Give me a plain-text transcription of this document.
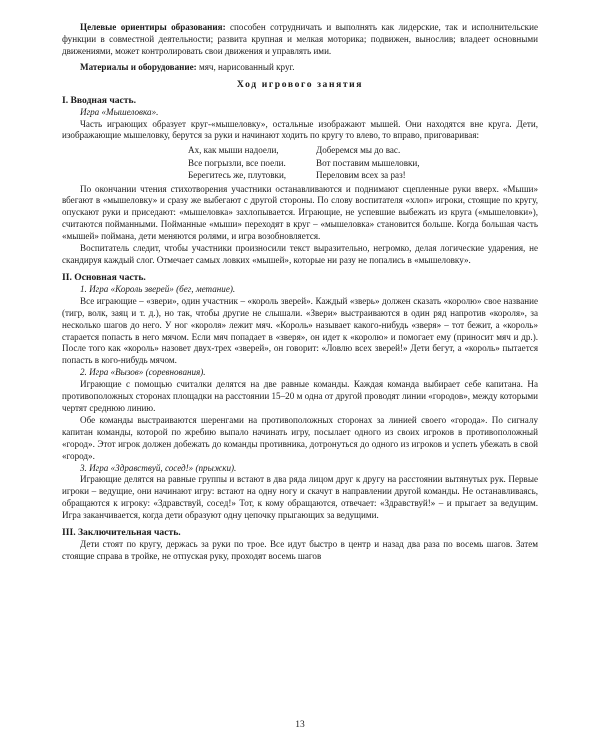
Целевые ориентиры образования: способен сотрудничать и выполнять как лидерские, так и исполнительские функции в совместной деятельности; развита крупная и мелкая моторика; подвижен, вынослив; владеет основными движениями, может контролировать свои движения и управлять ими.

Материалы и оборудование: мяч, нарисованный круг.

Ход игрового занятия
I. Вводная часть.
Игра «Мышеловка».

Часть играющих образует круг-«мышеловку», остальные изображают мышей. Они находятся вне круга. Дети, изображающие мышеловку, берутся за руки и начинают ходить по кругу то влево, то вправо, приговаривая:

Ах, как мыши надоели,	Доберемся мы до вас.
Все погрызли, все поели.	Вот поставим мышеловки,
Берегитесь же, плутовки,	Переловим всех за раз!

По окончании чтения стихотворения участники останавливаются и поднимают сцепленные руки вверх. «Мыши» вбегают в «мышеловку» и сразу же выбегают с другой стороны. По слову воспитателя «хлоп» игроки, стоящие по кругу, опускают руки и приседают: «мышеловка» захлопывается. Играющие, не успевшие выбежать из круга («мышеловки»), считаются пойманными. Пойманные «мыши» переходят в круг – «мышеловка» становится больше. Когда большая часть «мышей» поймана, дети меняются ролями, и игра возобновляется.

Воспитатель следит, чтобы участники произносили текст выразительно, негромко, делая логические ударения, не скандируя каждый слог. Отмечает самых ловких «мышей», которые ни разу не попались в «мышеловку».

II. Основная часть.
1. Игра «Король зверей» (бег, метание).

Все играющие – «звери», один участник – «король зверей». Каждый «зверь» должен сказать «королю» свое название (тигр, волк, заяц и т. д.), но так, чтобы другие не слышали. «Звери» выстраиваются в один ряд напротив «короля», за несколько шагов до него. У ног «короля» лежит мяч. «Король» называет какого-нибудь «зверя» – тот бежит, а «король» старается попасть в него мячом. Если мяч попадает в «зверя», он идет к «королю» и помогает ему (приносит мяч и др.). После того как «король» назовет двух-трех «зверей», он говорит: «Ловлю всех зверей!» Дети бегут, а «король» пытается попасть в кого-нибудь мячом.

2. Игра «Вызов» (соревнования).

Играющие с помощью считалки делятся на две равные команды. Каждая команда выбирает себе капитана. На противоположных сторонах площадки на расстоянии 15–20 м одна от другой проводят линии «городов», между которыми чертят среднюю линию.

Обе команды выстраиваются шеренгами на противоположных сторонах за линией своего «города». По сигналу капитан команды, которой по жребию выпало начинать игру, посылает одного из своих игроков в противоположный «город». Этот игрок должен добежать до команды противника, дотронуться до одного из игроков и успеть убежать в свой «город».

3. Игра «Здравствуй, сосед!» (прыжки).

Играющие делятся на равные группы и встают в два ряда лицом друг к другу на расстоянии вытянутых рук. Первые игроки – ведущие, они начинают игру: встают на одну ногу и скачут в направлении другой команды. Не останавливаясь, обращаются к игроку: «Здравствуй, сосед!» Тот, к кому обращаются, отвечает: «Здравствуй!» – и прыгает за ведущим. Игра заканчивается, когда дети образуют одну цепочку прыгающих за ведущими.

III. Заключительная часть.

Дети стоят по кругу, держась за руки по трое. Все идут быстро в центр и назад два раза по восемь шагов. Затем стоящие справа в тройке, не отпуская руку, проходят восемь шагов

13
